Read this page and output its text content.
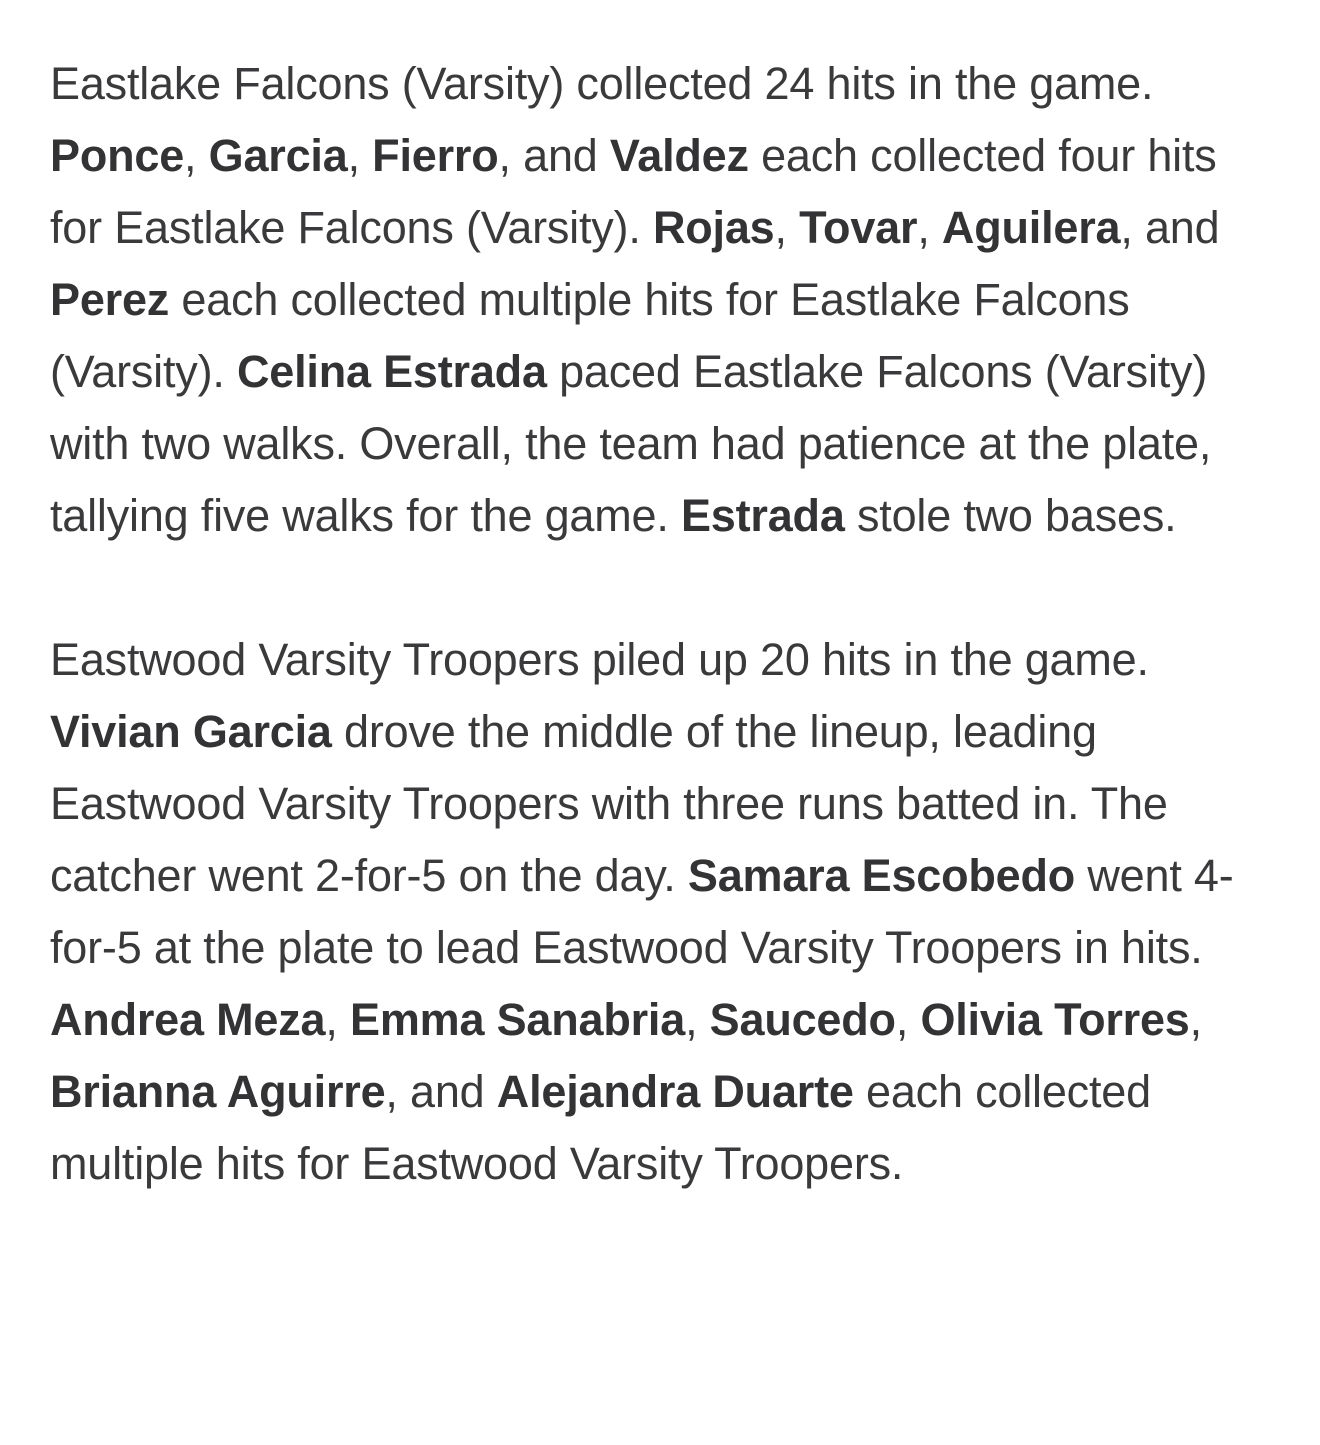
Eastlake Falcons (Varsity) collected 24 hits in the game. Ponce, Garcia, Fierro, and Valdez each collected four hits for Eastlake Falcons (Varsity). Rojas, Tovar, Aguilera, and Perez each collected multiple hits for Eastlake Falcons (Varsity). Celina Estrada paced Eastlake Falcons (Varsity) with two walks. Overall, the team had patience at the plate, tallying five walks for the game. Estrada stole two bases.

Eastwood Varsity Troopers piled up 20 hits in the game. Vivian Garcia drove the middle of the lineup, leading Eastwood Varsity Troopers with three runs batted in. The catcher went 2-for-5 on the day. Samara Escobedo went 4-for-5 at the plate to lead Eastwood Varsity Troopers in hits. Andrea Meza, Emma Sanabria, Saucedo, Olivia Torres, Brianna Aguirre, and Alejandra Duarte each collected multiple hits for Eastwood Varsity Troopers.
